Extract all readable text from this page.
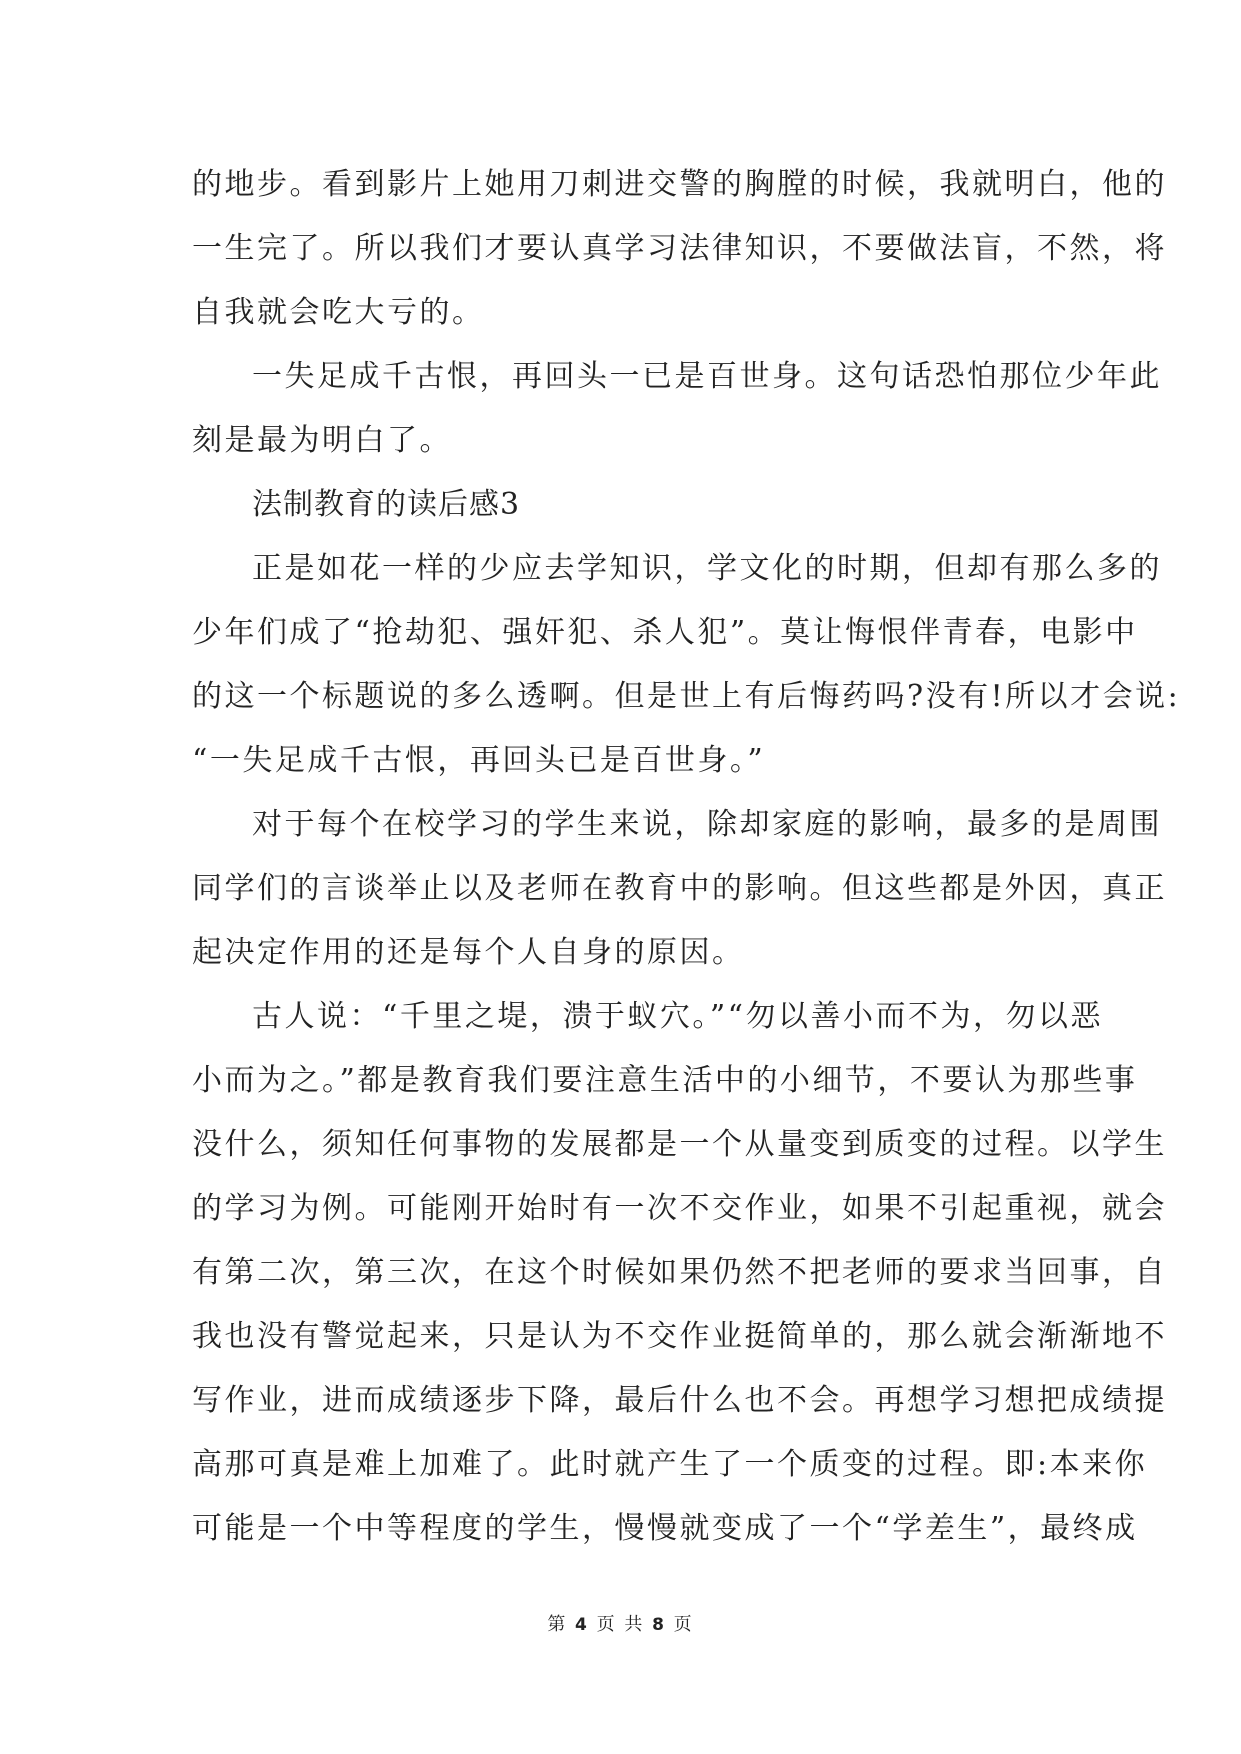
的地步。看到影片上她用刀刺进交警的胸膛的时候，我就明白，他的
一生完了。所以我们才要认真学习法律知识，不要做法盲，不然，将
自我就会吃大亏的。
一失足成千古恨，再回头一已是百世身。这句话恐怕那位少年此
刻是最为明白了。
法制教育的读后感3
正是如花一样的少应去学知识，学文化的时期，但却有那么多的
少年们成了“抢劫犯、强奸犯、杀人犯”。莫让悔恨伴青春，电影中
的这一个标题说的多么透啊。但是世上有后悔药吗?没有!所以才会说:
“一失足成千古恨，再回头已是百世身。”
对于每个在校学习的学生来说，除却家庭的影响，最多的是周围
同学们的言谈举止以及老师在教育中的影响。但这些都是外因，真正
起决定作用的还是每个人自身的原因。
古人说：“千里之堤，溃于蚁穴。”“勿以善小而不为，勿以恶
小而为之。”都是教育我们要注意生活中的小细节，不要认为那些事
没什么，须知任何事物的发展都是一个从量变到质变的过程。以学生
的学习为例。可能刚开始时有一次不交作业，如果不引起重视，就会
有第二次，第三次，在这个时候如果仍然不把老师的要求当回事，自
我也没有警觉起来，只是认为不交作业挺简单的，那么就会渐渐地不
写作业，进而成绩逐步下降，最后什么也不会。再想学习想把成绩提
高那可真是难上加难了。此时就产生了一个质变的过程。即:本来你
可能是一个中等程度的学生，慢慢就变成了一个“学差生”，最终成
第 4 页 共 8 页
